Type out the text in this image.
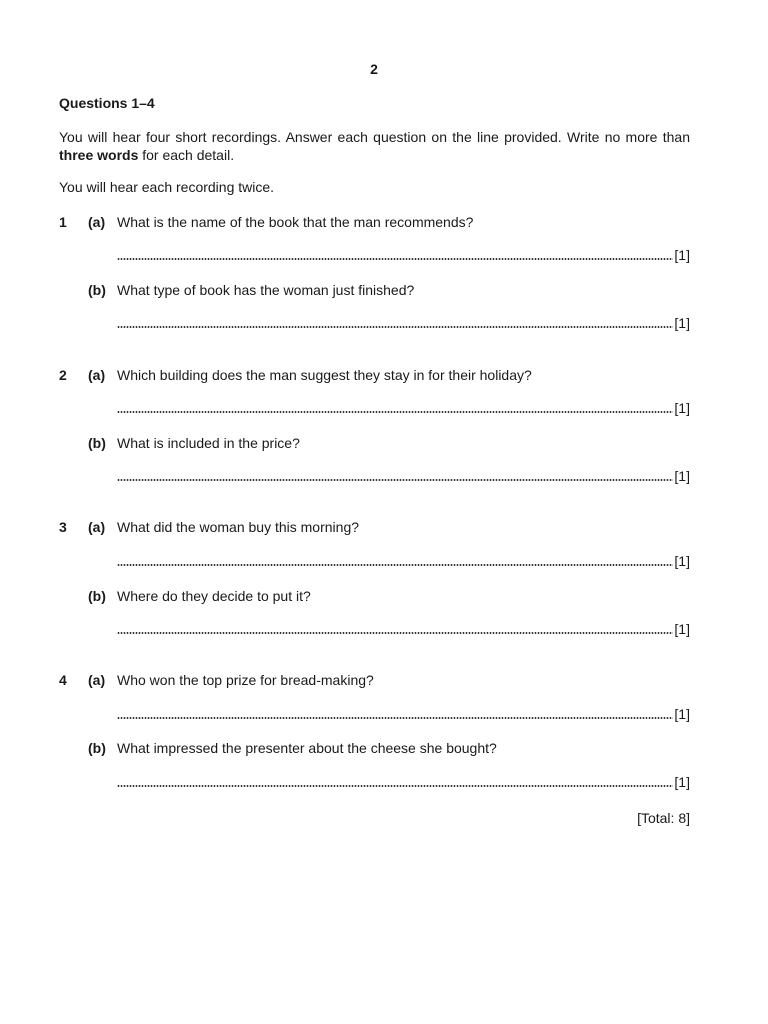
2
Questions 1–4
You will hear four short recordings. Answer each question on the line provided. Write no more than three words for each detail.
You will hear each recording twice.
1 (a) What is the name of the book that the man recommends?
[1]
(b) What type of book has the woman just finished?
[1]
2 (a) Which building does the man suggest they stay in for their holiday?
[1]
(b) What is included in the price?
[1]
3 (a) What did the woman buy this morning?
[1]
(b) Where do they decide to put it?
[1]
4 (a) Who won the top prize for bread-making?
[1]
(b) What impressed the presenter about the cheese she bought?
[1]
[Total: 8]
